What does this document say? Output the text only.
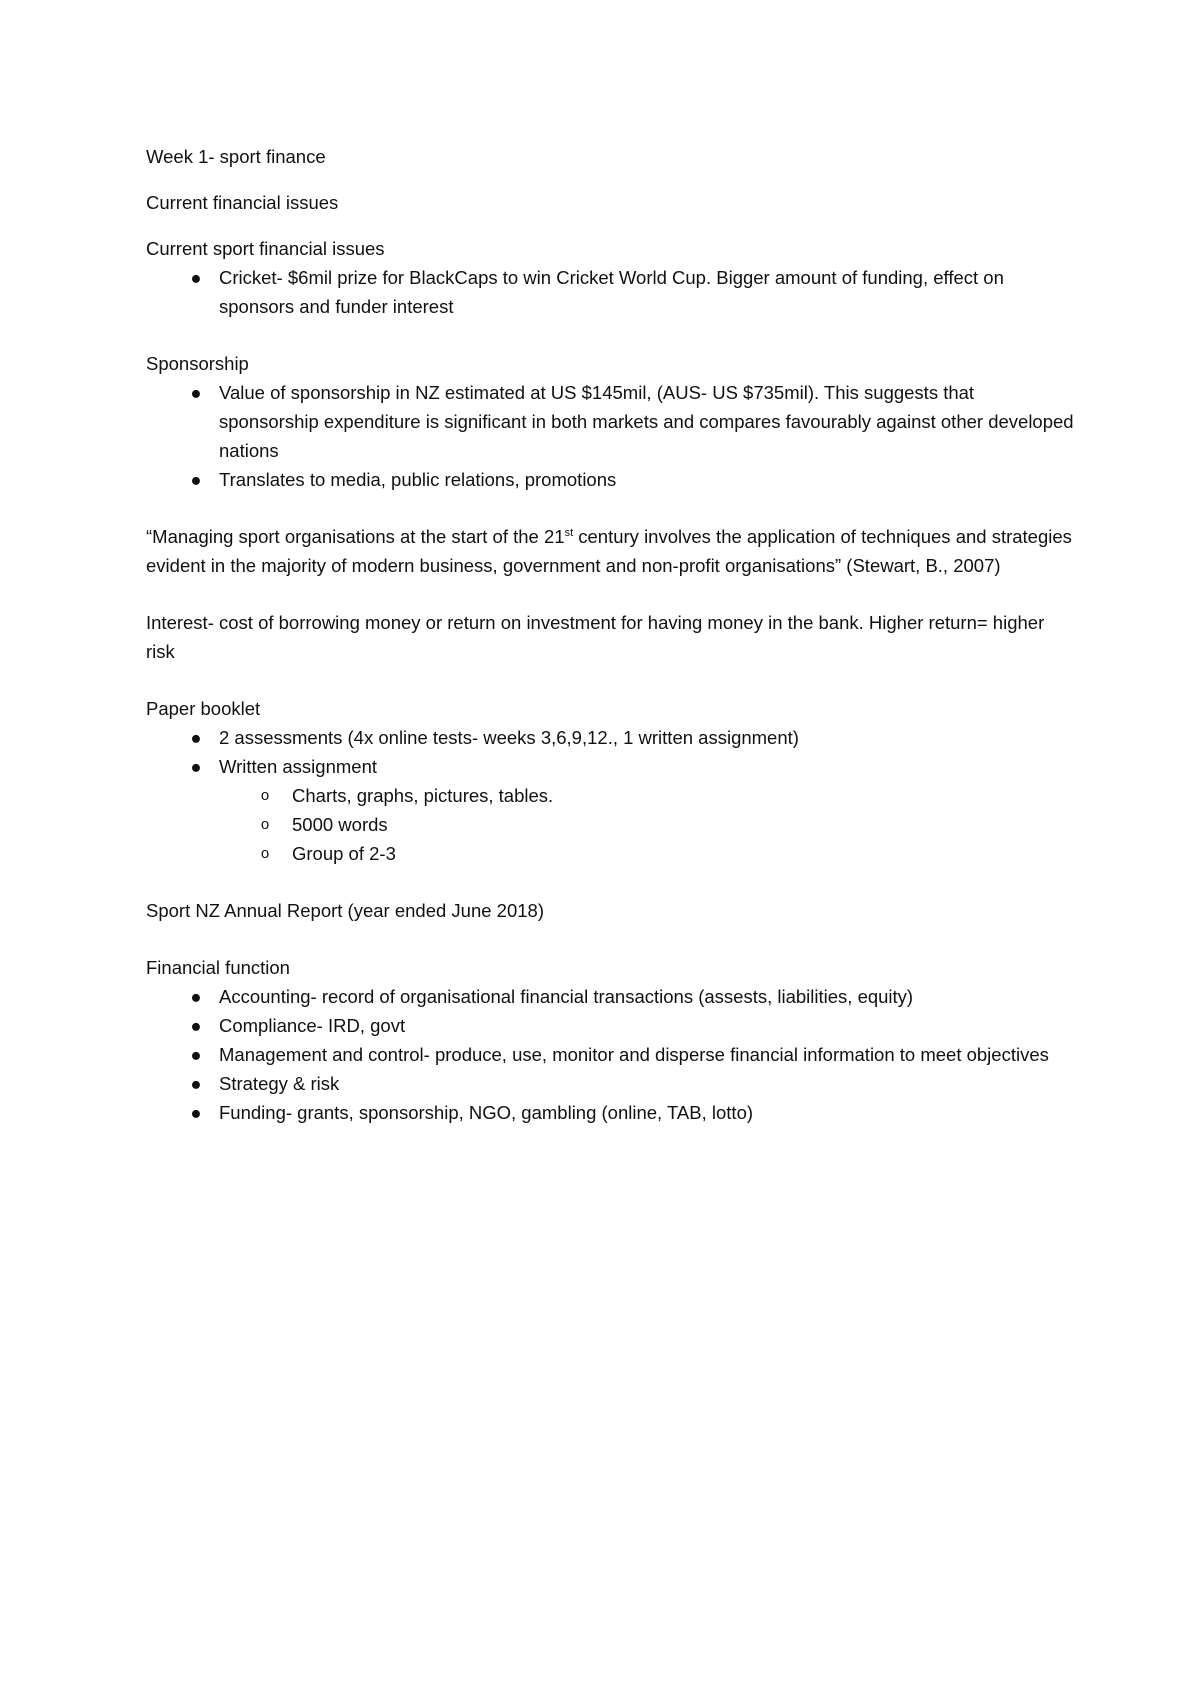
Week 1- sport finance

Current financial issues

Current sport financial issues

● Cricket- $6mil prize for BlackCaps to win Cricket World Cup. Bigger amount of funding, effect on sponsors and funder interest

Sponsorship

● Value of sponsorship in NZ estimated at US $145mil, (AUS- US $735mil). This suggests that sponsorship expenditure is significant in both markets and compares favourably against other developed nations
● Translates to media, public relations, promotions

“Managing sport organisations at the start of the 21st century involves the application of techniques and strategies evident in the majority of modern business, government and non-profit organisations” (Stewart, B., 2007)

Interest- cost of borrowing money or return on investment for having money in the bank. Higher return= higher risk

Paper booklet

● 2 assessments (4x online tests- weeks 3,6,9,12., 1 written assignment)
● Written assignment
o Charts, graphs, pictures, tables.
o 5000 words
o Group of 2-3

Sport NZ Annual Report (year ended June 2018)

Financial function

● Accounting- record of organisational financial transactions (assests, liabilities, equity)
● Compliance- IRD, govt
● Management and control- produce, use, monitor and disperse financial information to meet objectives
● Strategy & risk
● Funding- grants, sponsorship, NGO, gambling (online, TAB, lotto)
